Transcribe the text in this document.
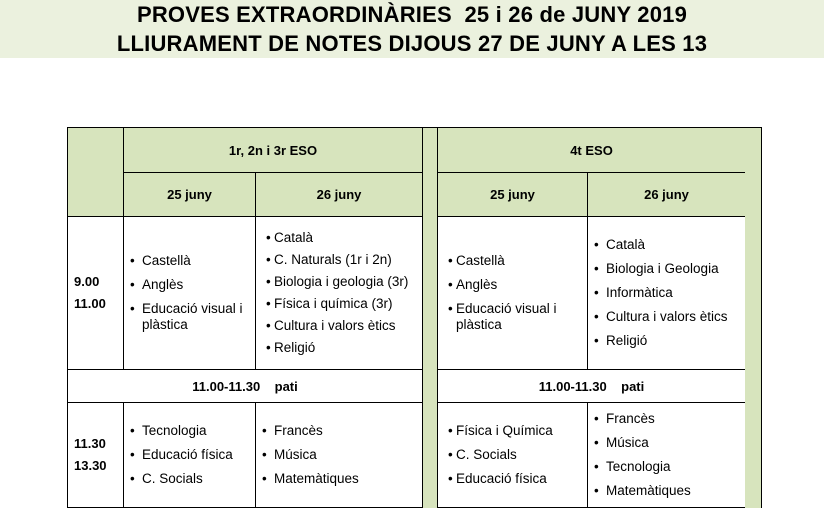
PROVES EXTRAORDINÀRIES  25 i 26 de JUNY 2019
LLIURAMENT DE NOTES DIJOUS 27 DE JUNY A LES 13
1r, 2n i 3r ESO
25 juny	26 juny
9.00
11.00
• Castellà
• Anglès
• Educació visual i plàstica
• Català
• C. Naturals (1r i 2n)
• Biologia i geologia (3r)
• Física i química (3r)
• Cultura i valors ètics
• Religió
11.00-11.30    pati
11.30
13.30
• Tecnologia
• Educació física
• C. Socials
• Francès
• Música
• Matemàtiques
4t ESO
25 juny	26 juny
• Castellà
• Anglès
• Educació visual i plàstica
• Català
• Biologia i Geologia
• Informàtica
• Cultura i valors ètics
• Religió
11.00-11.30    pati
• Física i Química
• C. Socials
• Educació física
• Francès
• Música
• Tecnologia
• Matemàtiques
